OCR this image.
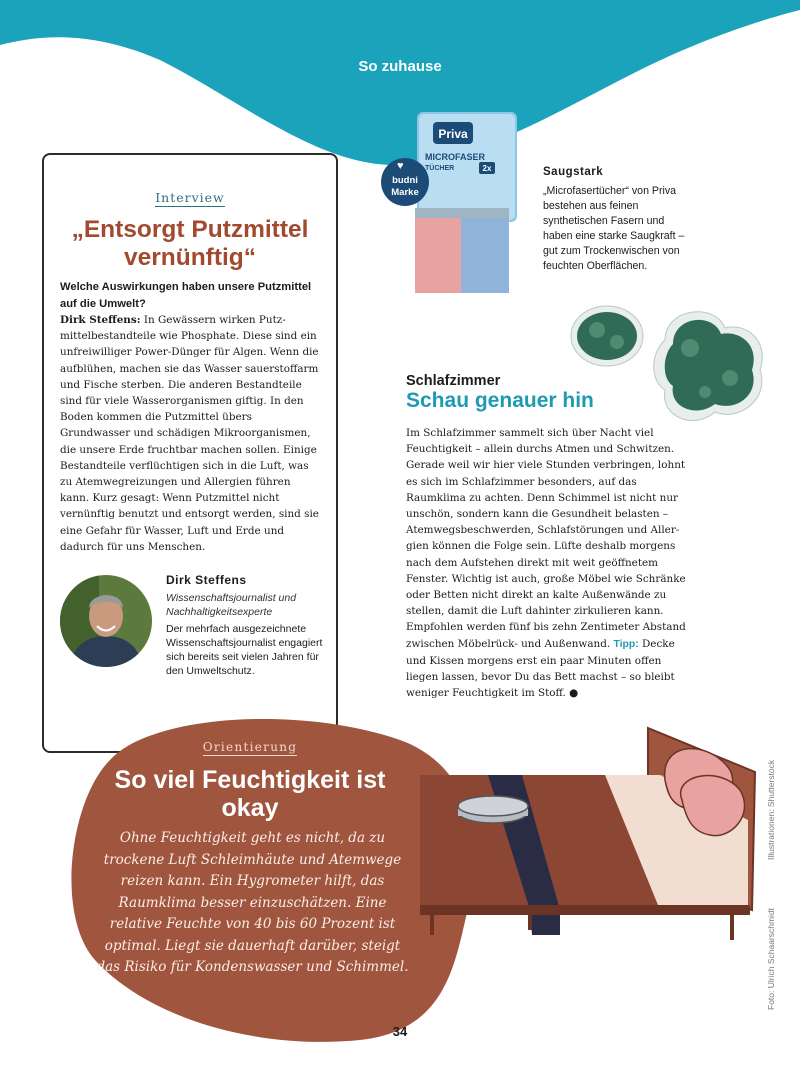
So zuhause
Interview
„Entsorgt Putzmittel vernünftig“
Welche Auswirkungen haben unsere Putzmittel auf die Umwelt?
Dirk Steffens: In Gewässern wirken Putzmittelbestandteile wie Phosphate. Diese sind ein unfreiwilliger Power-Dünger für Algen. Wenn die aufblühen, machen sie das Wasser sauerstoffarm und Fische sterben. Die anderen Bestandteile sind für viele Wasserorganismen giftig. In den Boden kommen die Putzmittel übers Grundwasser und schädigen Mikroorganismen, die unsere Erde fruchtbar machen sollen. Einige Bestandteile verflüchtigen sich in die Luft, was zu Atemwegreizungen und Allergien führen kann. Kurz gesagt: Wenn Putzmittel nicht vernünftig benutzt und entsorgt werden, sind sie eine Gefahr für Wasser, Luft und Erde und dadurch für uns Menschen.
Dirk Steffens
Wissenschaftsjournalist und Nachhaltigkeitsexperte
Der mehrfach ausgezeichnete Wissenschaftsjournalist engagiert sich bereits seit vielen Jahren für den Umweltschutz.
Priva
MICROFASER
TÜCHER	2x
♥
budni
Marke
Saugstark
„Microfasertücher“ von Priva bestehen aus feinen synthetischen Fasern und haben eine starke Saugkraft – gut zum Trockenwischen von feuchten Oberflächen.
Schlafzimmer
Schau genauer hin
Im Schlafzimmer sammelt sich über Nacht viel Feuchtigkeit – allein durchs Atmen und Schwitzen. Gerade weil wir hier viele Stunden verbringen, lohnt es sich im Schlafzimmer besonders, auf das Raumklima zu achten. Denn Schimmel ist nicht nur unschön, sondern kann die Gesundheit belasten – Atemwegsbeschwerden, Schlafstörungen und Allergien können die Folge sein. Lüfte deshalb morgens nach dem Aufstehen direkt mit weit geöffnetem Fenster. Wichtig ist auch, große Möbel wie Schränke oder Betten nicht direkt an kalte Außenwände zu stellen, damit die Luft dahinter zirkulieren kann. Empfohlen werden fünf bis zehn Zentimeter Abstand zwischen Möbelrück- und Außenwand. Tipp: Decke und Kissen morgens erst ein paar Minuten offen liegen lassen, bevor Du das Bett machst – so bleibt weniger Feuchtigkeit im Stoff. ●
Orientierung
So viel Feuchtigkeit ist okay
Ohne Feuchtigkeit geht es nicht, da zu trockene Luft Schleimhäute und Atemwege reizen kann. Ein Hygrometer hilft, das Raumklima besser einzuschätzen. Eine relative Feuchte von 40 bis 60 Prozent ist optimal. Liegt sie dauerhaft darüber, steigt das Risiko für Kondenswasser und Schimmel.
Illustrationen: Shutterstock
Foto: Ulrich Schaarschmidt
34
